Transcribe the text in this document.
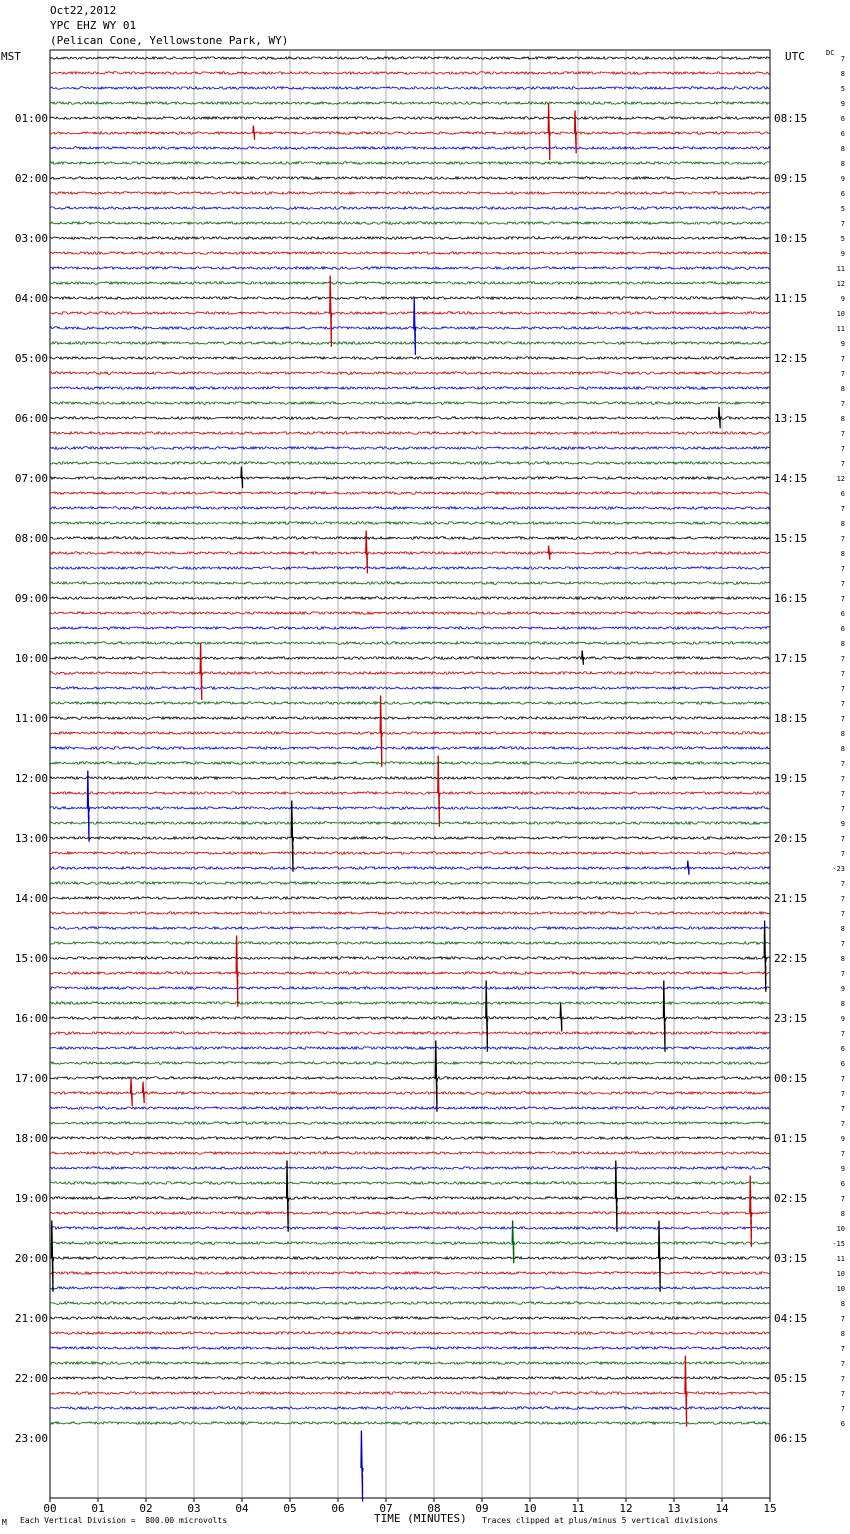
Oct22,2012
YPC EHZ WY 01
(Pelican Cone, Yellowstone Park, WY)
MST	UTC	DC
01:00
02:00
03:00
04:00
05:00
06:00
07:00
08:00
09:00
10:00
11:00
12:00
13:00
14:00
15:00
16:00
17:00
18:00
19:00
20:00
21:00
22:00
23:00
08:15
09:15
10:15
11:15
12:15
13:15
14:15
15:15
16:15
17:15
18:15
19:15
20:15
21:15
22:15
23:15
00:15
01:15
02:15
03:15
04:15
05:15
06:15
7
8
5
9
6
6
8
8
9
6
5
7
5
9
11
12
9
10
11
9
7
7
8
7
8
7
7
7
12
6
7
8
7
8
7
7
7
6
6
8
7
7
7
7
7
8
8
7
7
7
7
9
7
7
-23
7
7
7
8
7
8
7
9
8
9
7
6
6
7
7
7
7
9
7
9
6
7
8
10
-15
11
10
10
8
7
8
7
7
7
7
7
6
00	01	02	03	04	05	06	07	08	09	10	11	12	13	14	15
M Each Vertical Division =  800.00 microvolts	TIME (MINUTES) Traces clipped at plus/minus 5 vertical divisions
